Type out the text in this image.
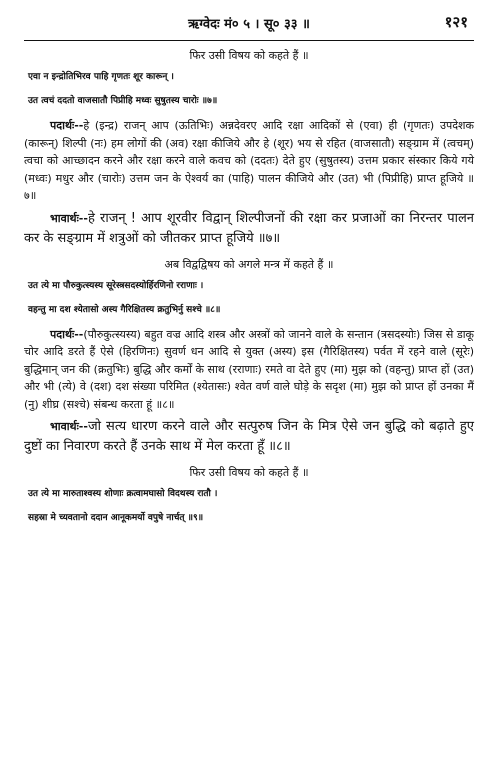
ऋग्वेदः मं० ५ । सू० ३३ ॥	१२१
फिर उसी विषय को कहते हैं ॥
एवा न इन्द्रोतिभिरव पाहि गृणतः शूर कारून् ।
उत त्वचं ददतो वाजसातौ पिप्रीहि मध्वः सुषुतस्य चारोः ॥७॥
पदार्थः--हे (इन्द्र) राजन् आप (ऊतिभिः) अन्नदेवरए आदि रक्षा आदिकों से (एवा) ही (गृणतः) उपदेशक (कारून्) शिल्पी (नः) हम लोगों की (अव) रक्षा कीजिये और हे (शूर) भय से रहित (वाजसातौ) सङ्ग्राम में (त्वचम्) त्वचा को आच्छादन करने और रक्षा करने वाले कवच को (ददतः) देते हुए (सुषुतस्य) उत्तम प्रकार संस्कार किये गये (मध्वः) मधुर और (चारोः) उत्तम जन के ऐश्वर्य का (पाहि) पालन कीजिये और (उत) भी (पिप्रीहि) प्राप्त हूजिये ॥७॥
भावार्थः--हे राजन् ! आप शूरवीर विद्वान् शिल्पीजनों की रक्षा कर प्रजाओं का निरन्तर पालन कर के सङ्ग्राम में शत्रुओं को जीतकर प्राप्त हूजिये ॥७॥
अब विद्वद्विषय को अगले मन्त्र में कहते हैं ॥
उत त्ये मा पौरुकुत्स्यस्य सूरेस्त्रसदस्योर्हिरणिनो रराणाः ।
वहन्तु मा दश श्येतासो अस्य गैरिक्षितस्य क्रतुभिर्नु सश्चे ॥८॥
पदार्थः--(पौरुकुत्स्यस्य) बहुत वज्र आदि शस्त्र और अस्त्रों को जानने वाले के सन्तान (त्रसदस्योः) जिस से डाकू चोर आदि डरते हैं ऐसे (हिरणिनः) सुवर्ण धन आदि से युक्त (अस्य) इस (गैरिक्षितस्य) पर्वत में रहने वाले (सूरेः) बुद्धिमान् जन की (क्रतुभिः) बुद्धि और कर्मों के साथ (रराणाः) रमते वा देते हुए (मा) मुझ को (वहन्तु) प्राप्त हों (उत) और भी (त्ये) वे (दश) दश संख्या परिमित (श्येतासः) श्वेत वर्ण वाले घोड़े के सदृश (मा) मुझ को प्राप्त हों उनका मैं (नु) शीघ्र (सश्चे) संबन्ध करता हूं ॥८॥
भावार्थः--जो सत्य धारण करने वाले और सत्पुरुष जिन के मित्र ऐसे जन बुद्धि को बढ़ाते हुए दुष्टों का निवारण करते हैं उनके साथ में मेल करता हूँ ॥८॥
फिर उसी विषय को कहते हैं ॥
उत त्ये मा मारुताश्वस्य शोणाः क्रत्वामघासो विदथस्य रातौ ।
सहस्रा मे च्यवतानो ददान आनूकमर्यो वपुषे नार्चत् ॥९॥
